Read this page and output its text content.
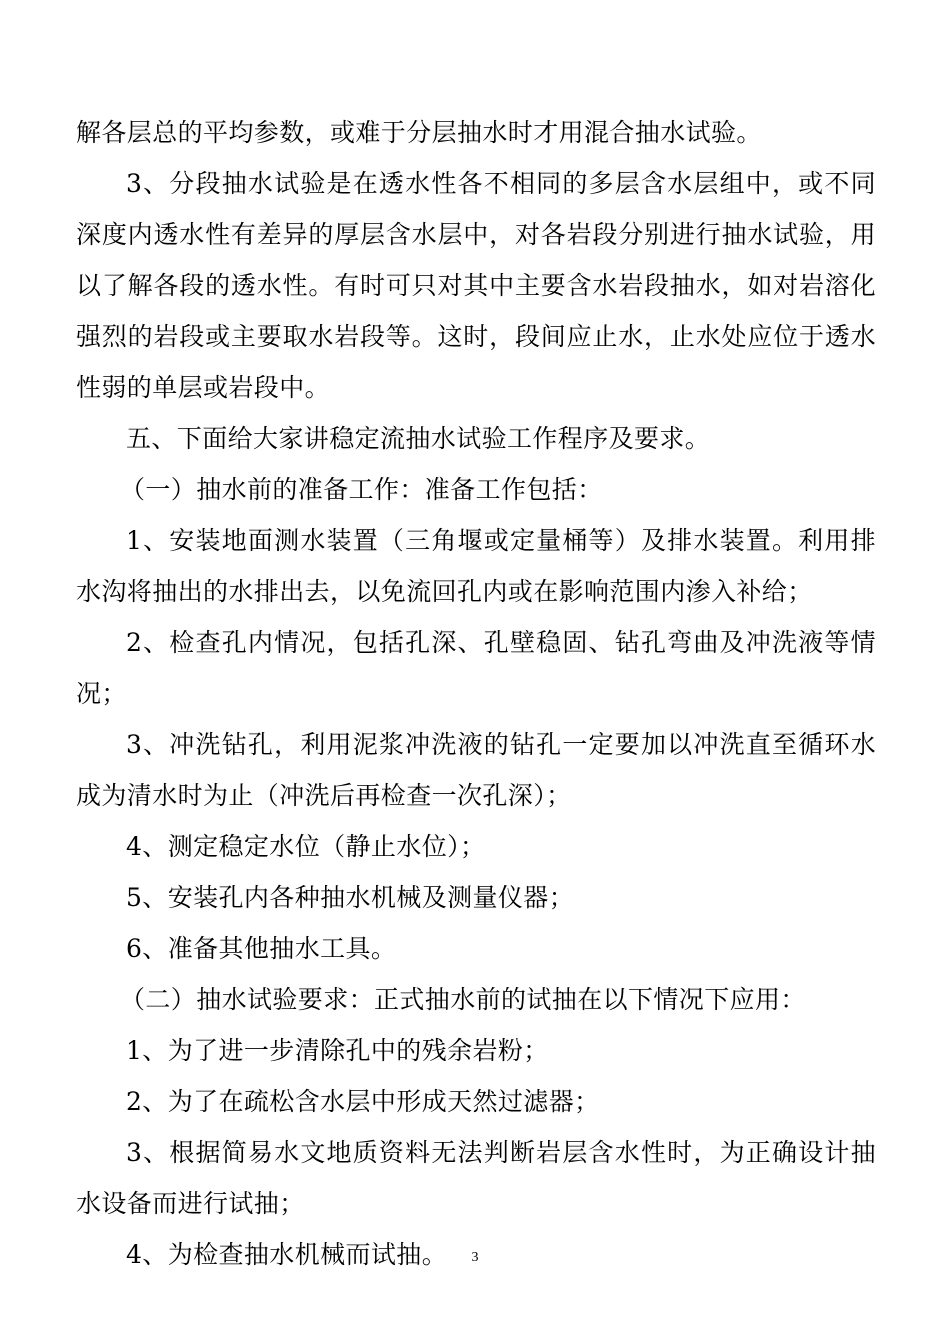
解各层总的平均参数，或难于分层抽水时才用混合抽水试验。

3、分段抽水试验是在透水性各不相同的多层含水层组中，或不同深度内透水性有差异的厚层含水层中，对各岩段分别进行抽水试验，用以了解各段的透水性。有时可只对其中主要含水岩段抽水，如对岩溶化强烈的岩段或主要取水岩段等。这时，段间应止水，止水处应位于透水性弱的单层或岩段中。

五、下面给大家讲稳定流抽水试验工作程序及要求。

（一）抽水前的准备工作：准备工作包括：

1、安装地面测水装置（三角堰或定量桶等）及排水装置。利用排水沟将抽出的水排出去，以免流回孔内或在影响范围内渗入补给；

2、检查孔内情况，包括孔深、孔壁稳固、钻孔弯曲及冲洗液等情况；

3、冲洗钻孔，利用泥浆冲洗液的钻孔一定要加以冲洗直至循环水成为清水时为止（冲洗后再检查一次孔深）；

4、测定稳定水位（静止水位）；

5、安装孔内各种抽水机械及测量仪器；

6、准备其他抽水工具。

（二）抽水试验要求：正式抽水前的试抽在以下情况下应用：

1、为了进一步清除孔中的残余岩粉；

2、为了在疏松含水层中形成天然过滤器；

3、根据简易水文地质资料无法判断岩层含水性时，为正确设计抽水设备而进行试抽；

4、为检查抽水机械而试抽。	3
